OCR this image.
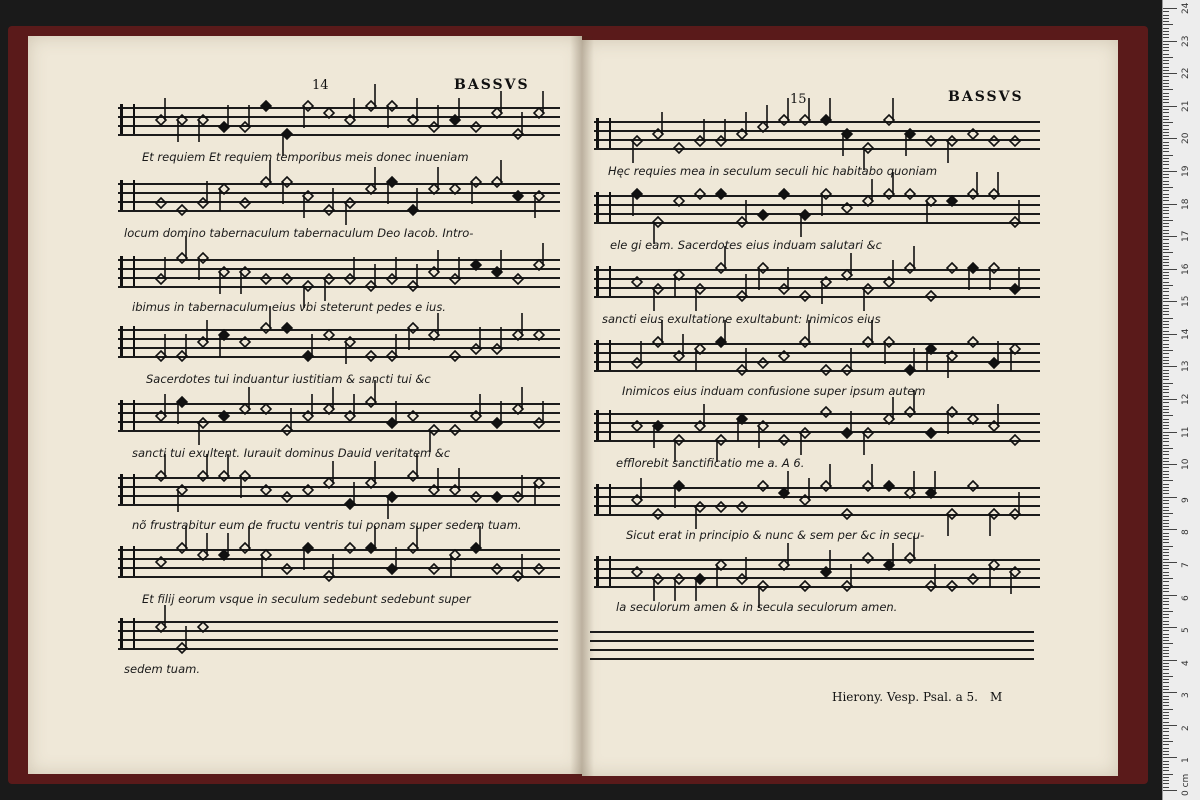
14	BASSVS
15	BASSVS
Et requiem Et requiem temporibus meis donec inueniam
locum domino tabernaculum tabernaculum Deo Iacob. Intro-
ibimus in tabernaculum eius vbi steterunt pedes e ius.
Sacerdotes tui induantur iustitiam & sancti tui &c
sancti tui exultent. Iurauit dominus Dauid veritatem &c
nõ frustrabitur eum de fructu ventris tui ponam super sedem tuam.
Et filij eorum vsque in seculum sedebunt sedebunt super
sedem tuam.
Hęc requies mea in seculum seculi hic habitabo quoniam
ele gi eam. Sacerdotes eius induam salutari &c
sancti eius exultatione exultabunt: Inimicos eius
Inimicos eius induam confusione super ipsum autem
efflorebit sanctificatio me a. A 6.
Sicut erat in principio & nunc & sem per &c in secu-
la seculorum amen & in secula seculorum amen.
Hierony. Vesp. Psal. a 5. M
0 cm
1
2
3
4
5
6
7
8
9
10
11
12
13
14
15
16
17
18
19
20
21
22
23
24
